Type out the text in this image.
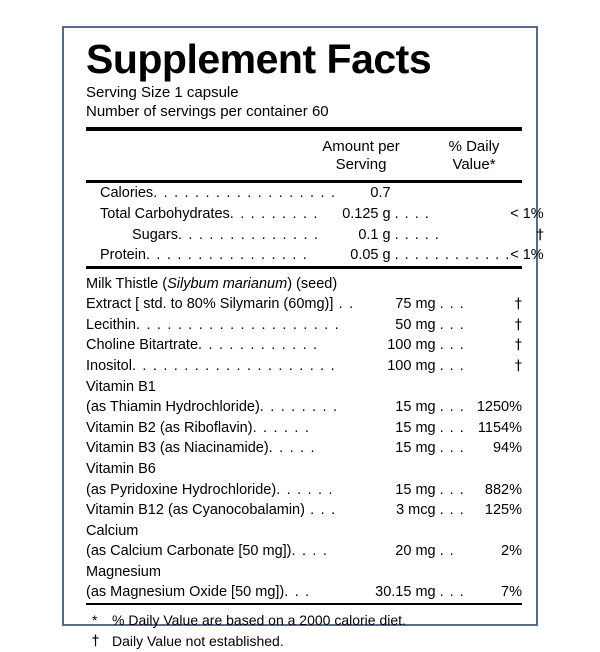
Supplement Facts
Serving Size 1 capsule
Number of servings per container 60
Amount per
Serving
% Daily
Value*
Calories. . . . . . . . . . . . . . . . . .	0.7		
Total Carbohydrates. . . . . . . . .	0.125 g	. . . .	< 1%
Sugars. . . . . . . . . . . . . .	0.1 g	. . . . .	†
Protein. . . . . . . . . . . . . . . .	0.05 g	. . . . . . . . . . . .	< 1%
Milk Thistle (Silybum marianum) (seed)			
Extract [ std. to 80% Silymarin (60mg)] . .	75 mg	. . .	†
Lecithin. . . . . . . . . . . . . . . . . . . .	50 mg	. . .	†
Choline Bitartrate. . . . . . . . . . . .	100 mg	. . .	†
Inositol. . . . . . . . . . . . . . . . . . . .	100 mg	. . .	†
Vitamin B1			
(as Thiamin Hydrochloride). . . . . . . .	15 mg	. . .	1250%
Vitamin B2 (as Riboflavin). . . . . .	15 mg	. . .	1154%
Vitamin B3 (as Niacinamide). . . . .	15 mg	. . .	94%
Vitamin B6			
(as Pyridoxine Hydrochloride). . . . . .	15 mg	. . .	882%
Vitamin B12 (as Cyanocobalamin) . . .	3 mcg	. . .	125%
Calcium			
(as Calcium Carbonate [50 mg]). . . .	20 mg	. .	2%
Magnesium			
(as Magnesium Oxide [50 mg]). . .	30.15 mg	. . .	7%

*	% Daily Value are based on a 2000 calorie diet.
† Daily Value not established.
